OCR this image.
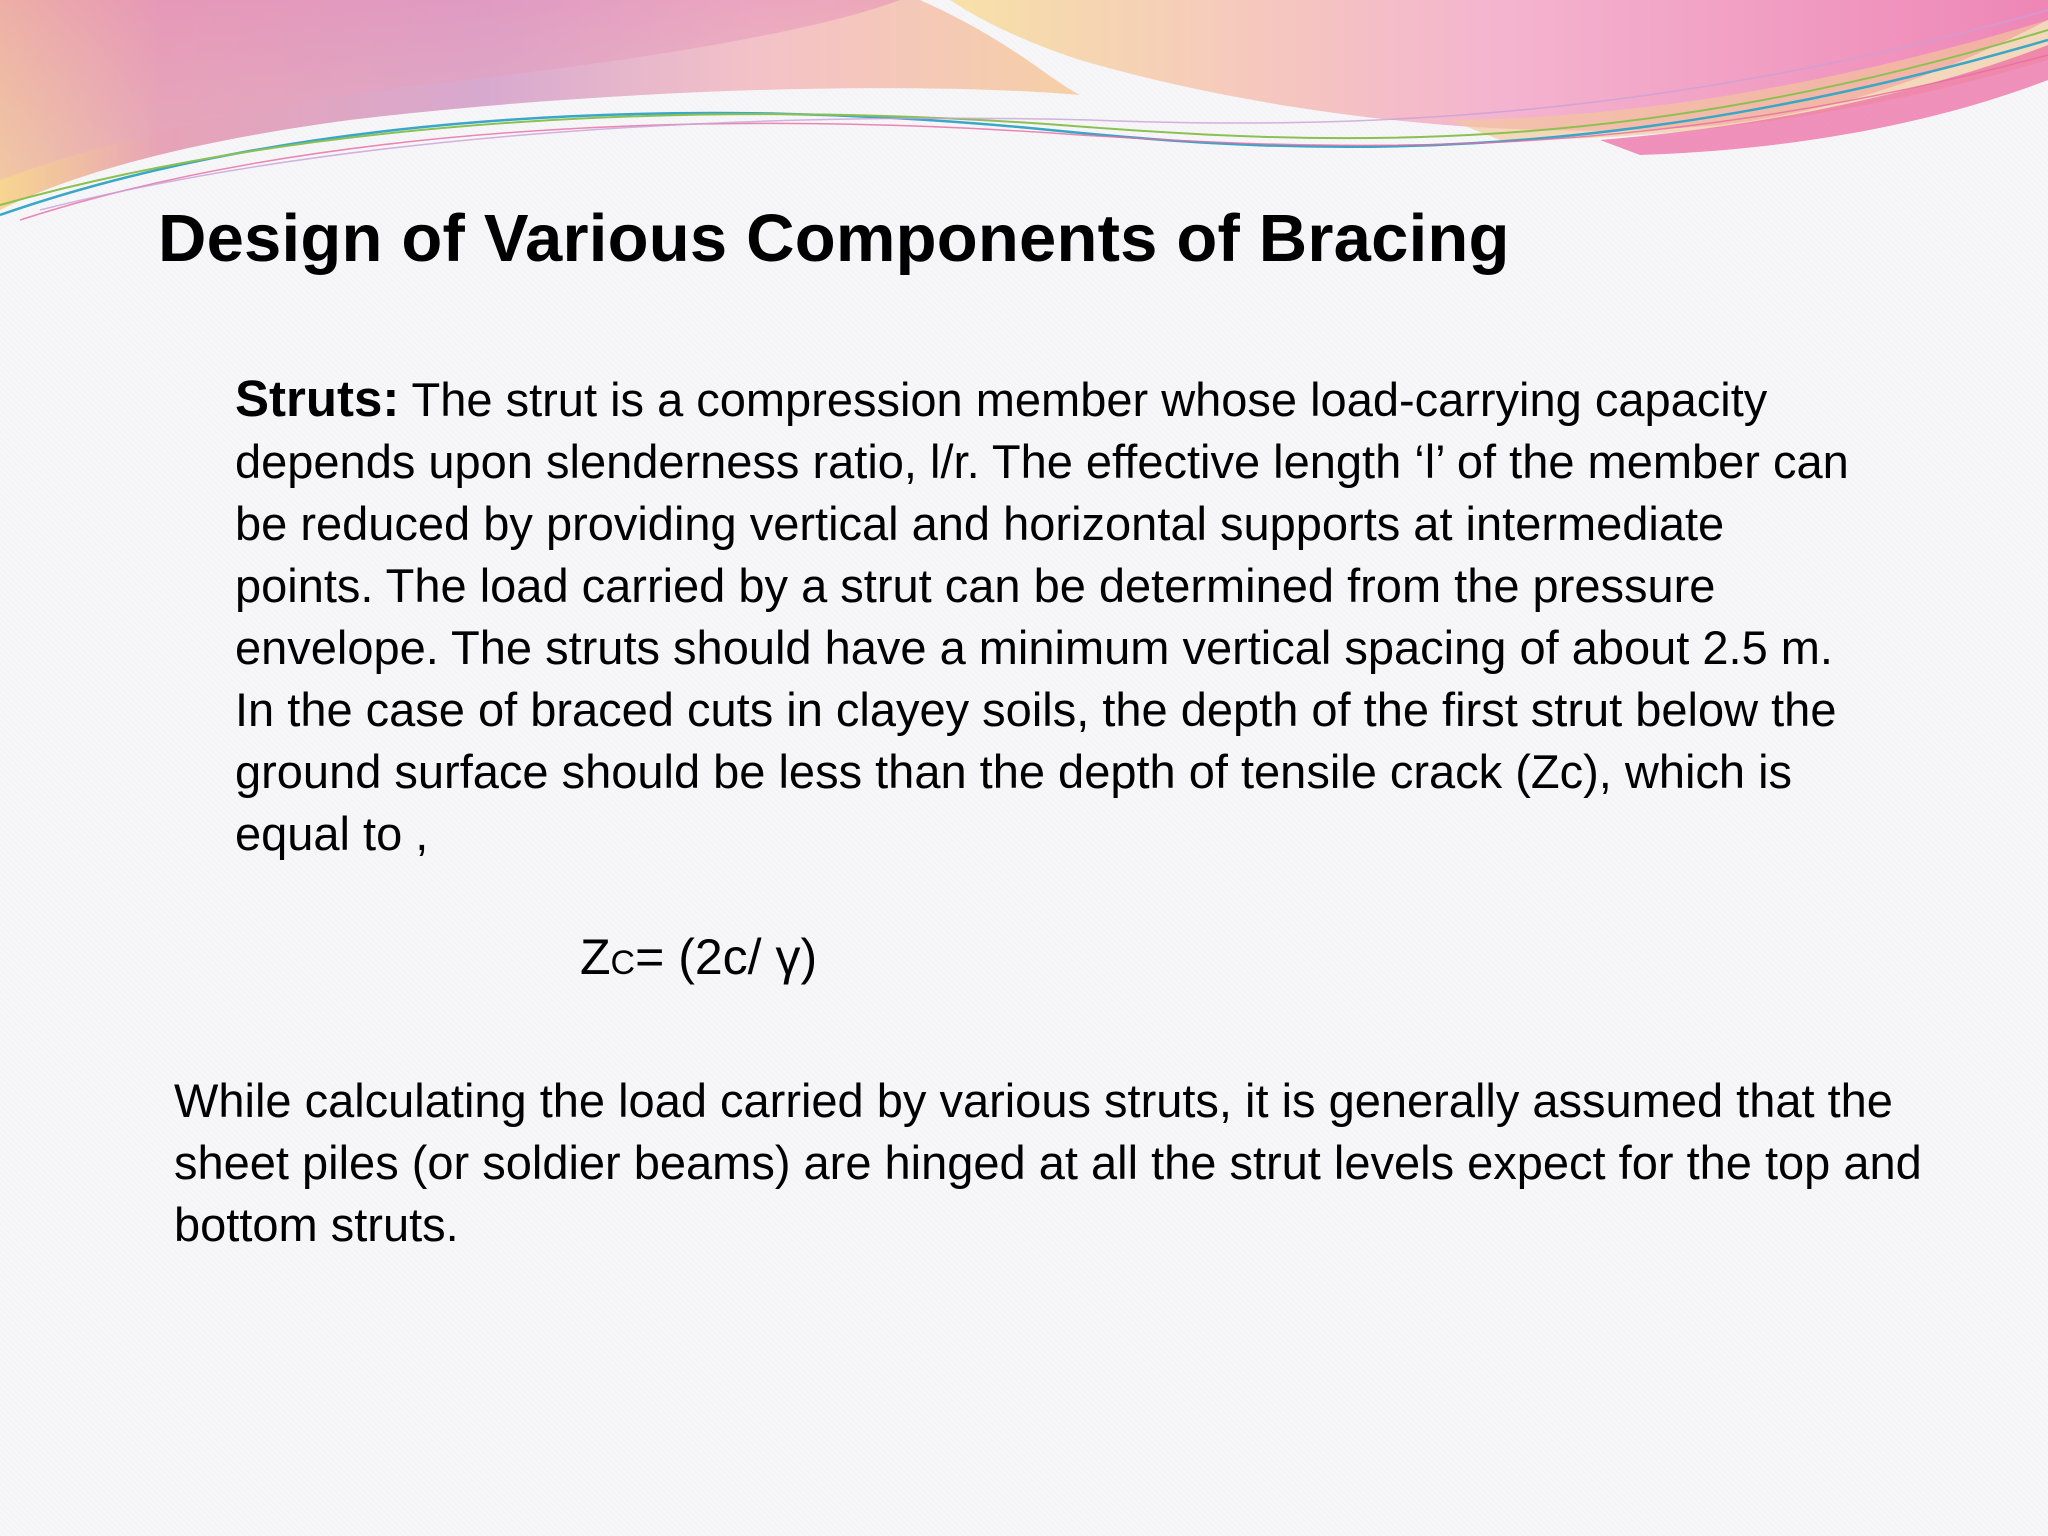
Design of Various Components of Bracing

Struts: The strut is a compression member whose load-carrying capacity depends upon slenderness ratio, l/r. The effective length ‘l’ of the member can be reduced by providing vertical and horizontal supports at intermediate points. The load carried by a strut can be determined from the pressure envelope. The struts should have a minimum vertical spacing of about 2.5 m. In the case of braced cuts in clayey soils, the depth of the first strut below the ground surface should be less than the depth of tensile crack (Zc), which is equal to ,

ZC= (2c/ γ)

While calculating the load carried by various struts, it is generally assumed that the sheet piles (or soldier beams) are hinged at all the strut levels expect for the top and bottom struts.
